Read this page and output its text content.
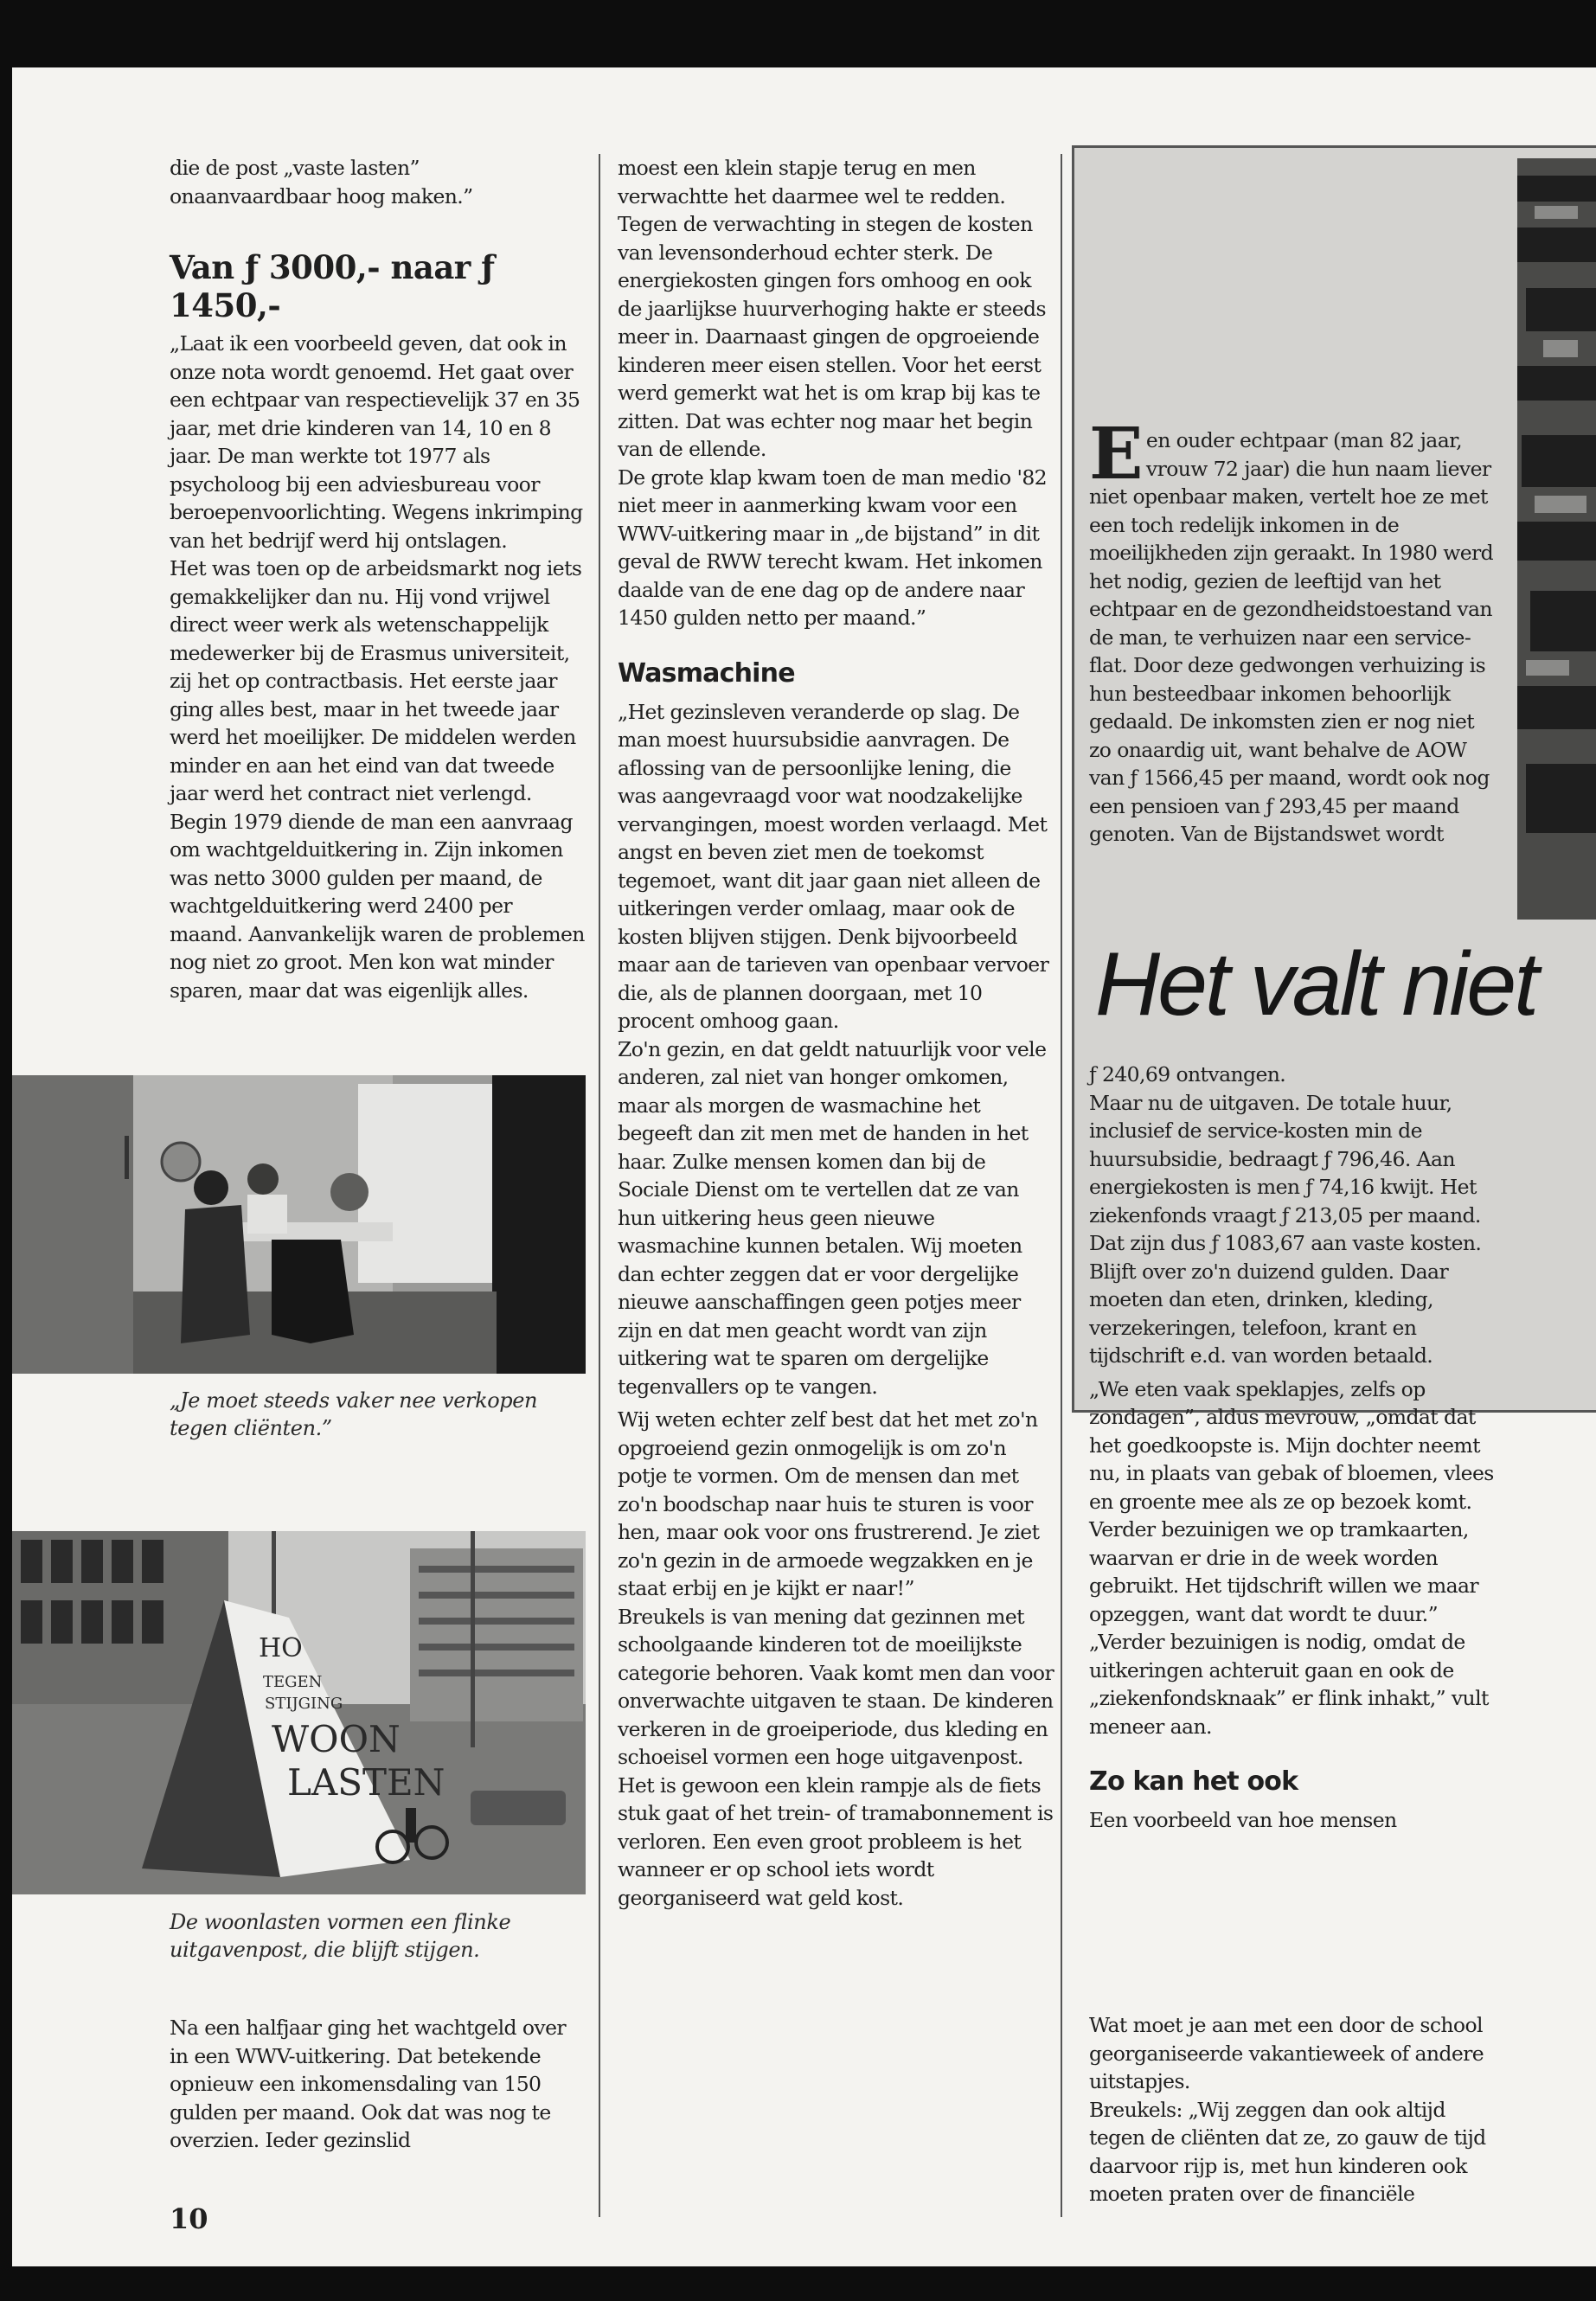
die de post „vaste lasten” onaanvaardbaar hoog maken.”

Van ƒ 3000,- naar ƒ 1450,-

„Laat ik een voorbeeld geven, dat ook in onze nota wordt genoemd. Het gaat over een echtpaar van respectievelijk 37 en 35 jaar, met drie kinderen van 14, 10 en 8 jaar. De man werkte tot 1977 als psycholoog bij een adviesbureau voor beroepenvoorlichting. Wegens inkrimping van het bedrijf werd hij ontslagen.

Het was toen op de arbeidsmarkt nog iets gemakkelijker dan nu. Hij vond vrijwel direct weer werk als wetenschappelijk medewerker bij de Erasmus universiteit, zij het op contractbasis. Het eerste jaar ging alles best, maar in het tweede jaar werd het moeilijker. De middelen werden minder en aan het eind van dat tweede jaar werd het contract niet verlengd.

Begin 1979 diende de man een aanvraag om wachtgelduitkering in. Zijn inkomen was netto 3000 gulden per maand, de wachtgelduitkering werd 2400 per maand. Aanvankelijk waren de problemen nog niet zo groot. Men kon wat minder sparen, maar dat was eigenlijk alles.

„Je moet steeds vaker nee verkopen tegen cliënten.”
HO
TEGEN
STIJGING
WOON
LASTEN
De woonlasten vormen een flinke uitgavenpost, die blijft stijgen.

Na een halfjaar ging het wachtgeld over in een WWV-uitkering. Dat betekende opnieuw een inkomensdaling van 150 gulden per maand. Ook dat was nog te overzien. Ieder gezinslid

moest een klein stapje terug en men verwachtte het daarmee wel te redden. Tegen de verwachting in stegen de kosten van levensonderhoud echter sterk. De energiekosten gingen fors omhoog en ook de jaarlijkse huurverhoging hakte er steeds meer in. Daarnaast gingen de opgroeiende kinderen meer eisen stellen. Voor het eerst werd gemerkt wat het is om krap bij kas te zitten. Dat was echter nog maar het begin van de ellende.

De grote klap kwam toen de man medio '82 niet meer in aanmerking kwam voor een WWV-uitkering maar in „de bijstand” in dit geval de RWW terecht kwam. Het inkomen daalde van de ene dag op de andere naar 1450 gulden netto per maand.”

Wasmachine

„Het gezinsleven veranderde op slag. De man moest huursubsidie aanvragen. De aflossing van de persoonlijke lening, die was aangevraagd voor wat noodzakelijke vervangingen, moest worden verlaagd. Met angst en beven ziet men de toekomst tegemoet, want dit jaar gaan niet alleen de uitkeringen verder omlaag, maar ook de kosten blijven stijgen. Denk bijvoorbeeld maar aan de tarieven van openbaar vervoer die, als de plannen doorgaan, met 10 procent omhoog gaan.

Zo'n gezin, en dat geldt natuurlijk voor vele anderen, zal niet van honger omkomen, maar als morgen de wasmachine het begeeft dan zit men met de handen in het haar. Zulke mensen komen dan bij de Sociale Dienst om te vertellen dat ze van hun uitkering heus geen nieuwe wasmachine kunnen betalen. Wij moeten dan echter zeggen dat er voor dergelijke nieuwe aanschaffingen geen potjes meer zijn en dat men geacht wordt van zijn uitkering wat te sparen om dergelijke tegenvallers op te vangen.

Wij weten echter zelf best dat het met zo'n opgroeiend gezin onmogelijk is om zo'n potje te vormen. Om de mensen dan met zo'n boodschap naar huis te sturen is voor hen, maar ook voor ons frustrerend. Je ziet zo'n gezin in de armoede wegzakken en je staat erbij en je kijkt er naar!”

Breukels is van mening dat gezinnen met schoolgaande kinderen tot de moeilijkste categorie behoren. Vaak komt men dan voor onverwachte uitgaven te staan. De kinderen verkeren in de groeiperiode, dus kleding en schoeisel vormen een hoge uitgavenpost.

Het is gewoon een klein rampje als de fiets stuk gaat of het trein- of tramabonnement is verloren. Een even groot probleem is het wanneer er op school iets wordt georganiseerd wat geld kost.

Een ouder echtpaar (man 82 jaar, vrouw 72 jaar) die hun naam liever niet openbaar maken, vertelt hoe ze met een toch redelijk inkomen in de moeilijkheden zijn geraakt. In 1980 werd het nodig, gezien de leeftijd van het echtpaar en de gezondheidstoestand van de man, te verhuizen naar een service-flat. Door deze gedwongen verhuizing is hun besteedbaar inkomen behoorlijk gedaald. De inkomsten zien er nog niet zo onaardig uit, want behalve de AOW van ƒ 1566,45 per maand, wordt ook nog een pensioen van ƒ 293,45 per maand genoten. Van de Bijstandswet wordt

Het valt niet

ƒ 240,69 ontvangen.

Maar nu de uitgaven. De totale huur, inclusief de service-kosten min de huursubsidie, bedraagt ƒ 796,46. Aan energiekosten is men ƒ 74,16 kwijt. Het ziekenfonds vraagt ƒ 213,05 per maand. Dat zijn dus ƒ 1083,67 aan vaste kosten. Blijft over zo'n duizend gulden. Daar moeten dan eten, drinken, kleding, verzekeringen, telefoon, krant en tijdschrift e.d. van worden betaald.

„We eten vaak speklapjes, zelfs op zondagen”, aldus mevrouw, „omdat dat het goedkoopste is. Mijn dochter neemt nu, in plaats van gebak of bloemen, vlees en groente mee als ze op bezoek komt. Verder bezuinigen we op tramkaarten, waarvan er drie in de week worden gebruikt. Het tijdschrift willen we maar opzeggen, want dat wordt te duur.” „Verder bezuinigen is nodig, omdat de uitkeringen achteruit gaan en ook de „ziekenfondsknaak” er flink inhakt,” vult meneer aan.

Zo kan het ook

Een voorbeeld van hoe mensen

Wat moet je aan met een door de school georganiseerde vakantieweek of andere uitstapjes.

Breukels: „Wij zeggen dan ook altijd tegen de cliënten dat ze, zo gauw de tijd daarvoor rijp is, met hun kinderen ook moeten praten over de financiële

10
